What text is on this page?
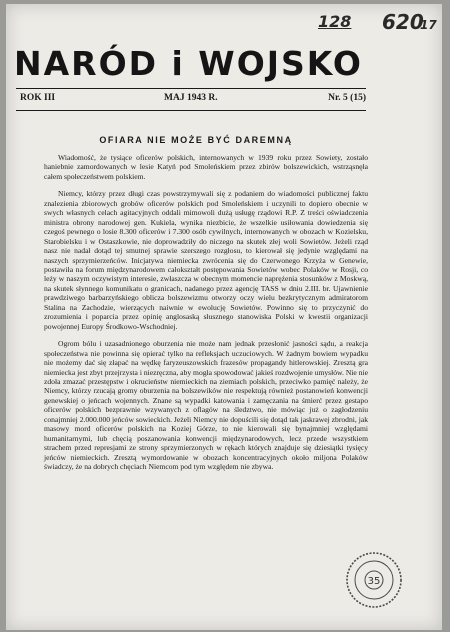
128 620
17
NARÓD i WOJSKO
ROK III	MAJ 1943 R.	Nr. 5 (15)
OFIARA NIE MOŻE BYĆ DAREMNĄ

Wiadomość, że tysiące oficerów polskich, internowanych w 1939 roku przez Sowiety, zostało haniebnie zamordowanych w lesie Katyń pod Smoleńskiem przez zbirów bolszewickich, wstrząsnęła całem społeczeństwem polskiem.

Niemcy, którzy przez długi czas powstrzymywali się z podaniem do wiadomości publicznej faktu znalezienia zbiorowych grobów oficerów polskich pod Smoleńskiem i uczynili to dopiero obecnie w swych własnych celach agitacyjnych oddali mimowoli dużą usługę rządowi R.P. Z treści oświadczenia ministra obrony narodowej gen. Kukiela, wynika niezbicie, że wszelkie usiłowania dowiedzenia się czegoś pewnego o losie 8.300 oficerów i 7.300 osób cywilnych, internowanych w obozach w Kozielsku, Starobielsku i w Ostaszkowie, nie doprowadziły do niczego na skutek złej woli Sowietów. Jeżeli rząd nasz nie nadał dotąd tej smutnej sprawie szerszego rozgłosu, to kierował się jedynie względami na naszych sprzymierzeńców. Inicjatywa niemiecka zwrócenia się do Czerwonego Krzyża w Genewie, postawiła na forum międzynarodowem całokształt postępowania Sowietów wobec Polaków w Rosji, co leży w naszym oczywistym interesie, zwłaszcza w obecnym momencie naprężenia stosunków z Moskwą, na skutek słynnego komunikatu o granicach, nadanego przez agencję TASS w dniu 2.III. br. Ujawnienie prawdziwego barbarzyńskiego oblicza bolszewizmu otworzy oczy wielu bezkrytycznym admiratorom Stalina na Zachodzie, wierzących naiwnie w ewolucję Sowietów. Powinno się to przyczynić do zrozumienia i poparcia przez opinię anglosaską słusznego stanowiska Polski w kwestii organizacji powojennej Europy Środkowo-Wschodniej.

Ogrom bólu i uzasadnionego oburzenia nie może nam jednak przesłonić jasności sądu, a reakcja społeczeństwa nie powinna się opierać tylko na refleksjach uczuciowych. W żadnym bowiem wypadku nie możemy dać się złapać na wędkę faryzeuszowskich frazesów propagandy hitlerowskiej. Zresztą gra niemiecka jest zbyt przejrzysta i niezręczna, aby mogła spowodować jakieś rozdwojenie umysłów. Nie nie zdoła zmazać przestępstw i okrucieństw niemieckich na ziemiach polskich, przeciwko pamięć należy, że Niemcy, którzy rzucają gromy oburzenia na bolszewików nie respektują również postanowień konwencji genewskiej o jeńcach wojennych. Znane są wypadki katowania i zamęczania na śmierć przez gestapo oficerów polskich bezprawnie wzywanych z oflagów na śledztwo, nie mówiąc już o zagłodzeniu conajmniej 2.000.000 jeńców sowieckich. Jeżeli Niemcy nie dopuścili się dotąd tak jaskrawej zbrodni, jak masowy mord oficerów polskich na Koziej Górze, to nie kierowali się bynajmniej względami humanitarnymi, lub chęcią poszanowania konwencji międzynarodowych, lecz przede wszystkiem strachem przed represjami ze strony sprzymierzonych w rękach których znajduje się dziesiątki tysięcy jeńców niemieckich. Zresztą wymordowanie w obozach koncentracyjnych około miljona Polaków świadczy, że na dobrych chęciach Niemcom pod tym względem nie zbywa.

35
